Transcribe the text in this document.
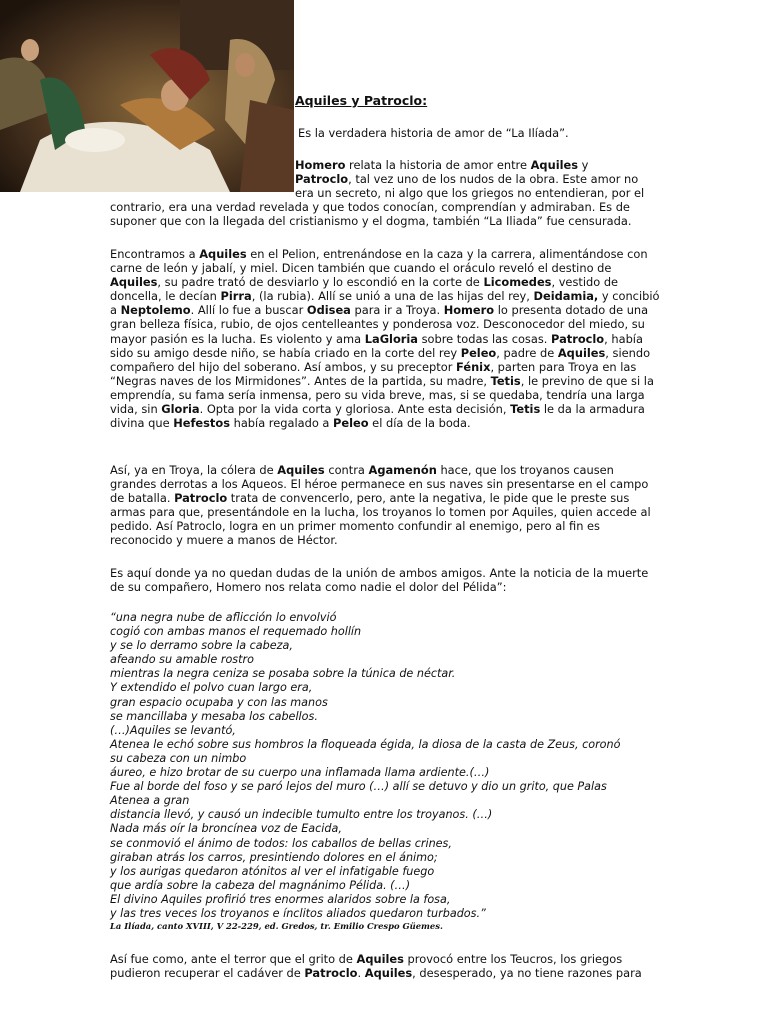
Aquiles y Patroclo:
Es la verdadera historia de amor de “La Ilíada”.
Homero relata la historia de amor entre Aquiles y
Patroclo, tal vez uno de los nudos de la obra. Este amor no
era un secreto, ni algo que los griegos no entendieran, por el
contrario, era una verdad revelada y que todos conocían, comprendían y admiraban. Es de suponer que con la llegada del cristianismo y el dogma, también “La Iliada” fue censurada.

Encontramos a Aquiles en el Pelion, entrenándose en la caza y la carrera, alimentándose con carne de león y jabalí, y miel. Dicen también que cuando el oráculo reveló el destino de Aquiles, su padre trató de desviarlo y lo escondió en la corte de Licomedes, vestido de doncella, le decían Pirra, (la rubia). Allí se unió a una de las hijas del rey, Deidamia, y concibió a Neptolemo. Allí lo fue a buscar Odisea para ir a Troya. Homero lo presenta dotado de una gran belleza física, rubio, de ojos centelleantes y ponderosa voz. Desconocedor del miedo, su mayor pasión es la lucha. Es violento y ama LaGloria sobre todas las cosas. Patroclo, había sido su amigo desde niño, se había criado en la corte del rey Peleo, padre de Aquiles, siendo compañero del hijo del soberano. Así ambos, y su preceptor Fénix, parten para Troya en las “Negras naves de los Mirmidones”. Antes de la partida, su madre, Tetis, le previno de que si la emprendía, su fama sería inmensa, pero su vida breve, mas, si se quedaba, tendría una larga vida, sin Gloria. Opta por la vida corta y gloriosa. Ante esta decisión, Tetis le da la armadura divina que Hefestos había regalado a Peleo el día de la boda.

Así, ya en Troya, la cólera de Aquiles contra Agamenón hace, que los troyanos causen grandes derrotas a los Aqueos. El héroe permanece en sus naves sin presentarse en el campo de batalla. Patroclo trata de convencerlo, pero, ante la negativa, le pide que le preste sus armas para que, presentándole en la lucha, los troyanos lo tomen por Aquiles, quien accede al pedido. Así Patroclo, logra en un primer momento confundir al enemigo, pero al fin es reconocido y muere a manos de Héctor.

Es aquí donde ya no quedan dudas de la unión de ambos amigos. Ante la noticia de la muerte de su compañero, Homero nos relata como nadie el dolor del Pélida”:

“una negra nube de aflicción lo envolvió
cogió con ambas manos el requemado hollín
y se lo derramo sobre la cabeza,
afeando su amable rostro
mientras la negra ceniza se posaba sobre la túnica de néctar.
Y extendido el polvo cuan largo era,
gran espacio ocupaba y con las manos
se mancillaba y mesaba los cabellos.
(…)Aquiles se levantó,
Atenea le echó sobre sus hombros la floqueada égida, la diosa de la casta de Zeus, coronó
su cabeza con un nimbo
áureo, e hizo brotar de su cuerpo una inflamada llama ardiente.(…)
Fue al borde del foso y se paró lejos del muro (…) allí se detuvo y dio un grito, que Palas
Atenea a gran
distancia llevó, y causó un indecible tumulto entre los troyanos. (…)
Nada más oír la broncínea voz de Eacida,
se conmovió el ánimo de todos: los caballos de bellas crines,
giraban atrás los carros, presintiendo dolores en el ánimo;
y los aurigas quedaron atónitos al ver el infatigable fuego
que ardía sobre la cabeza del magnánimo Pélida. (…)
El divino Aquiles profirió tres enormes alaridos sobre la fosa,
y las tres veces los troyanos e ínclitos aliados quedaron turbados.”
La Ilíada, canto XVIII, V 22-229, ed. Gredos, tr. Emilio Crespo Güemes.

Así fue como, ante el terror que el grito de Aquiles provocó entre los Teucros, los griegos pudieron recuperar el cadáver de Patroclo. Aquiles, desesperado, ya no tiene razones para
